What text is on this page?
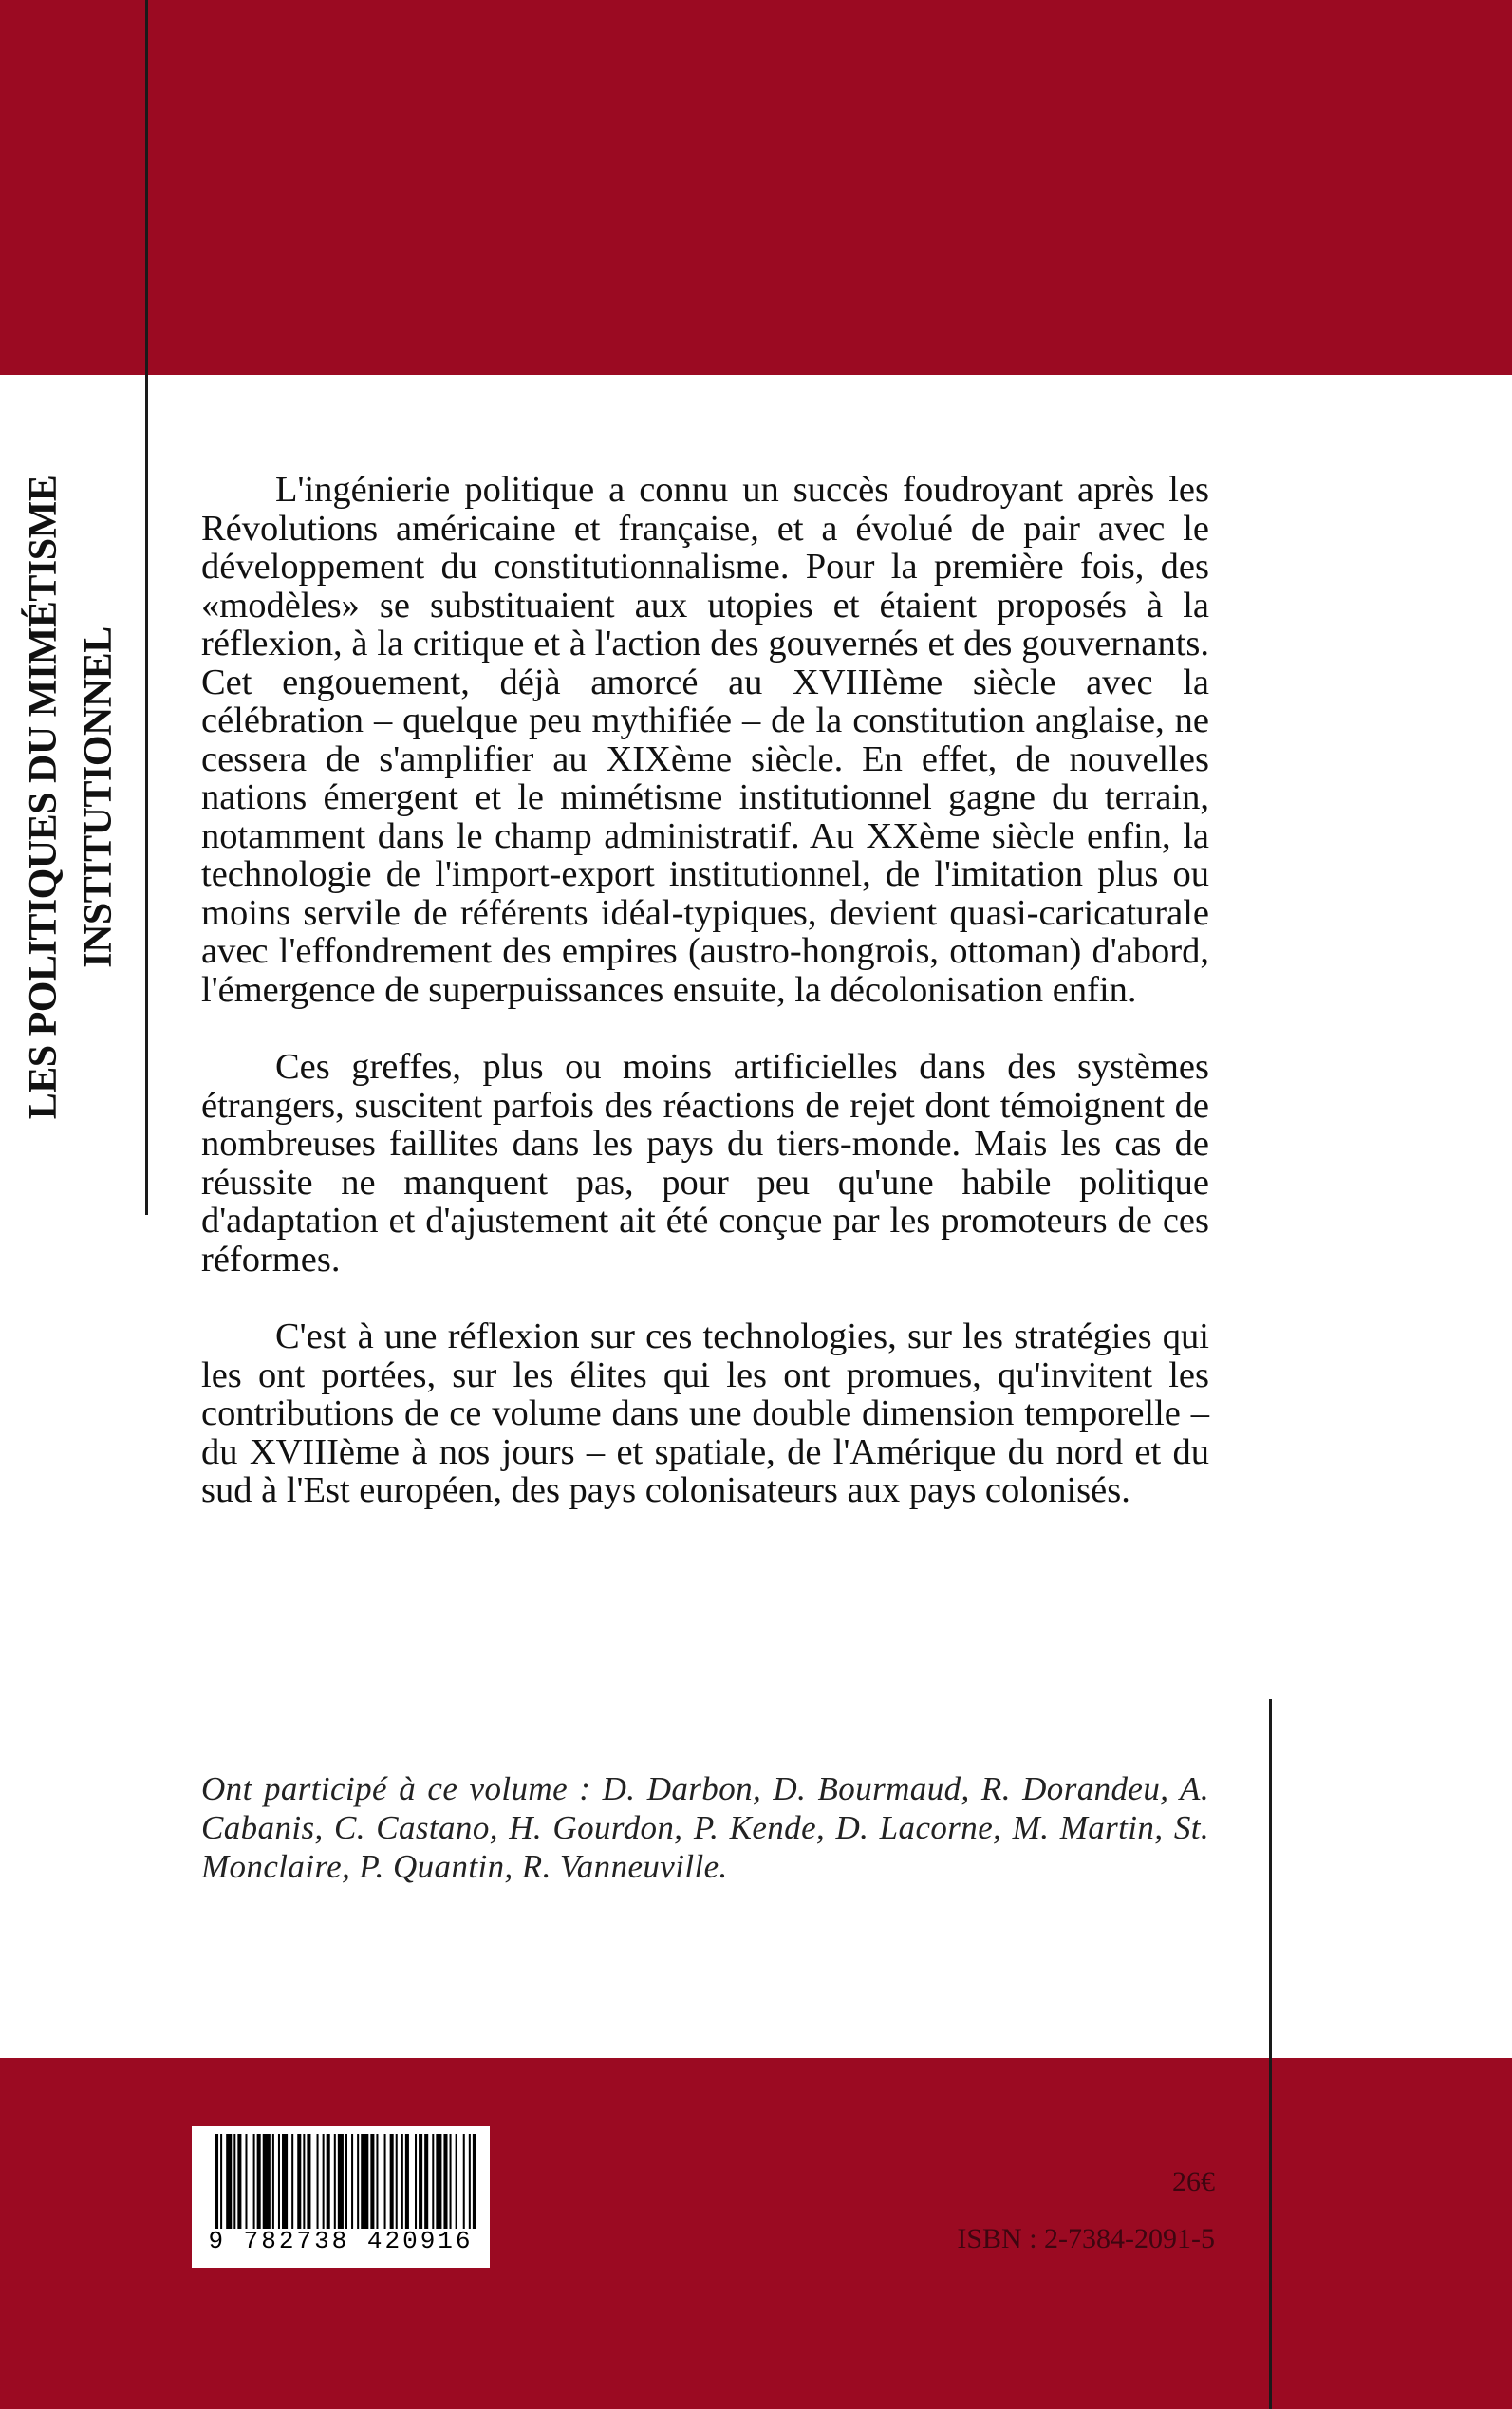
LES POLITIQUES DU MIMÉTISME INSTITUTIONNEL

L'ingénierie politique a connu un succès foudroyant après les Révolutions américaine et française, et a évolué de pair avec le développement du constitutionnalisme. Pour la première fois, des «modèles» se substituaient aux utopies et étaient proposés à la réflexion, à la critique et à l'action des gouvernés et des gouvernants. Cet engouement, déjà amorcé au XVIIIème siècle avec la célébration – quelque peu mythifiée – de la constitution anglaise, ne cessera de s'amplifier au XIXème siècle. En effet, de nouvelles nations émergent et le mimétisme institutionnel gagne du terrain, notamment dans le champ administratif. Au XXème siècle enfin, la technologie de l'import-export institutionnel, de l'imitation plus ou moins servile de référents idéal-typiques, devient quasi-caricaturale avec l'effondrement des empires (austro-hongrois, ottoman) d'abord, l'émergence de superpuissances ensuite, la décolonisation enfin.

Ces greffes, plus ou moins artificielles dans des systèmes étrangers, suscitent parfois des réactions de rejet dont témoignent de nombreuses faillites dans les pays du tiers-monde. Mais les cas de réussite ne manquent pas, pour peu qu'une habile politique d'adaptation et d'ajustement ait été conçue par les promoteurs de ces réformes.

C'est à une réflexion sur ces technologies, sur les stratégies qui les ont portées, sur les élites qui les ont promues, qu'invitent les contributions de ce volume dans une double dimension temporelle – du XVIIIème à nos jours – et spatiale, de l'Amérique du nord et du sud à l'Est européen, des pays colonisateurs aux pays colonisés.

Ont participé à ce volume : D. Darbon, D. Bourmaud, R. Dorandeu, A. Cabanis, C. Castano, H. Gourdon, P. Kende, D. Lacorne, M. Martin, St. Monclaire, P. Quantin, R. Vanneuville.
9 782738 420916
26€
ISBN : 2-7384-2091-5
